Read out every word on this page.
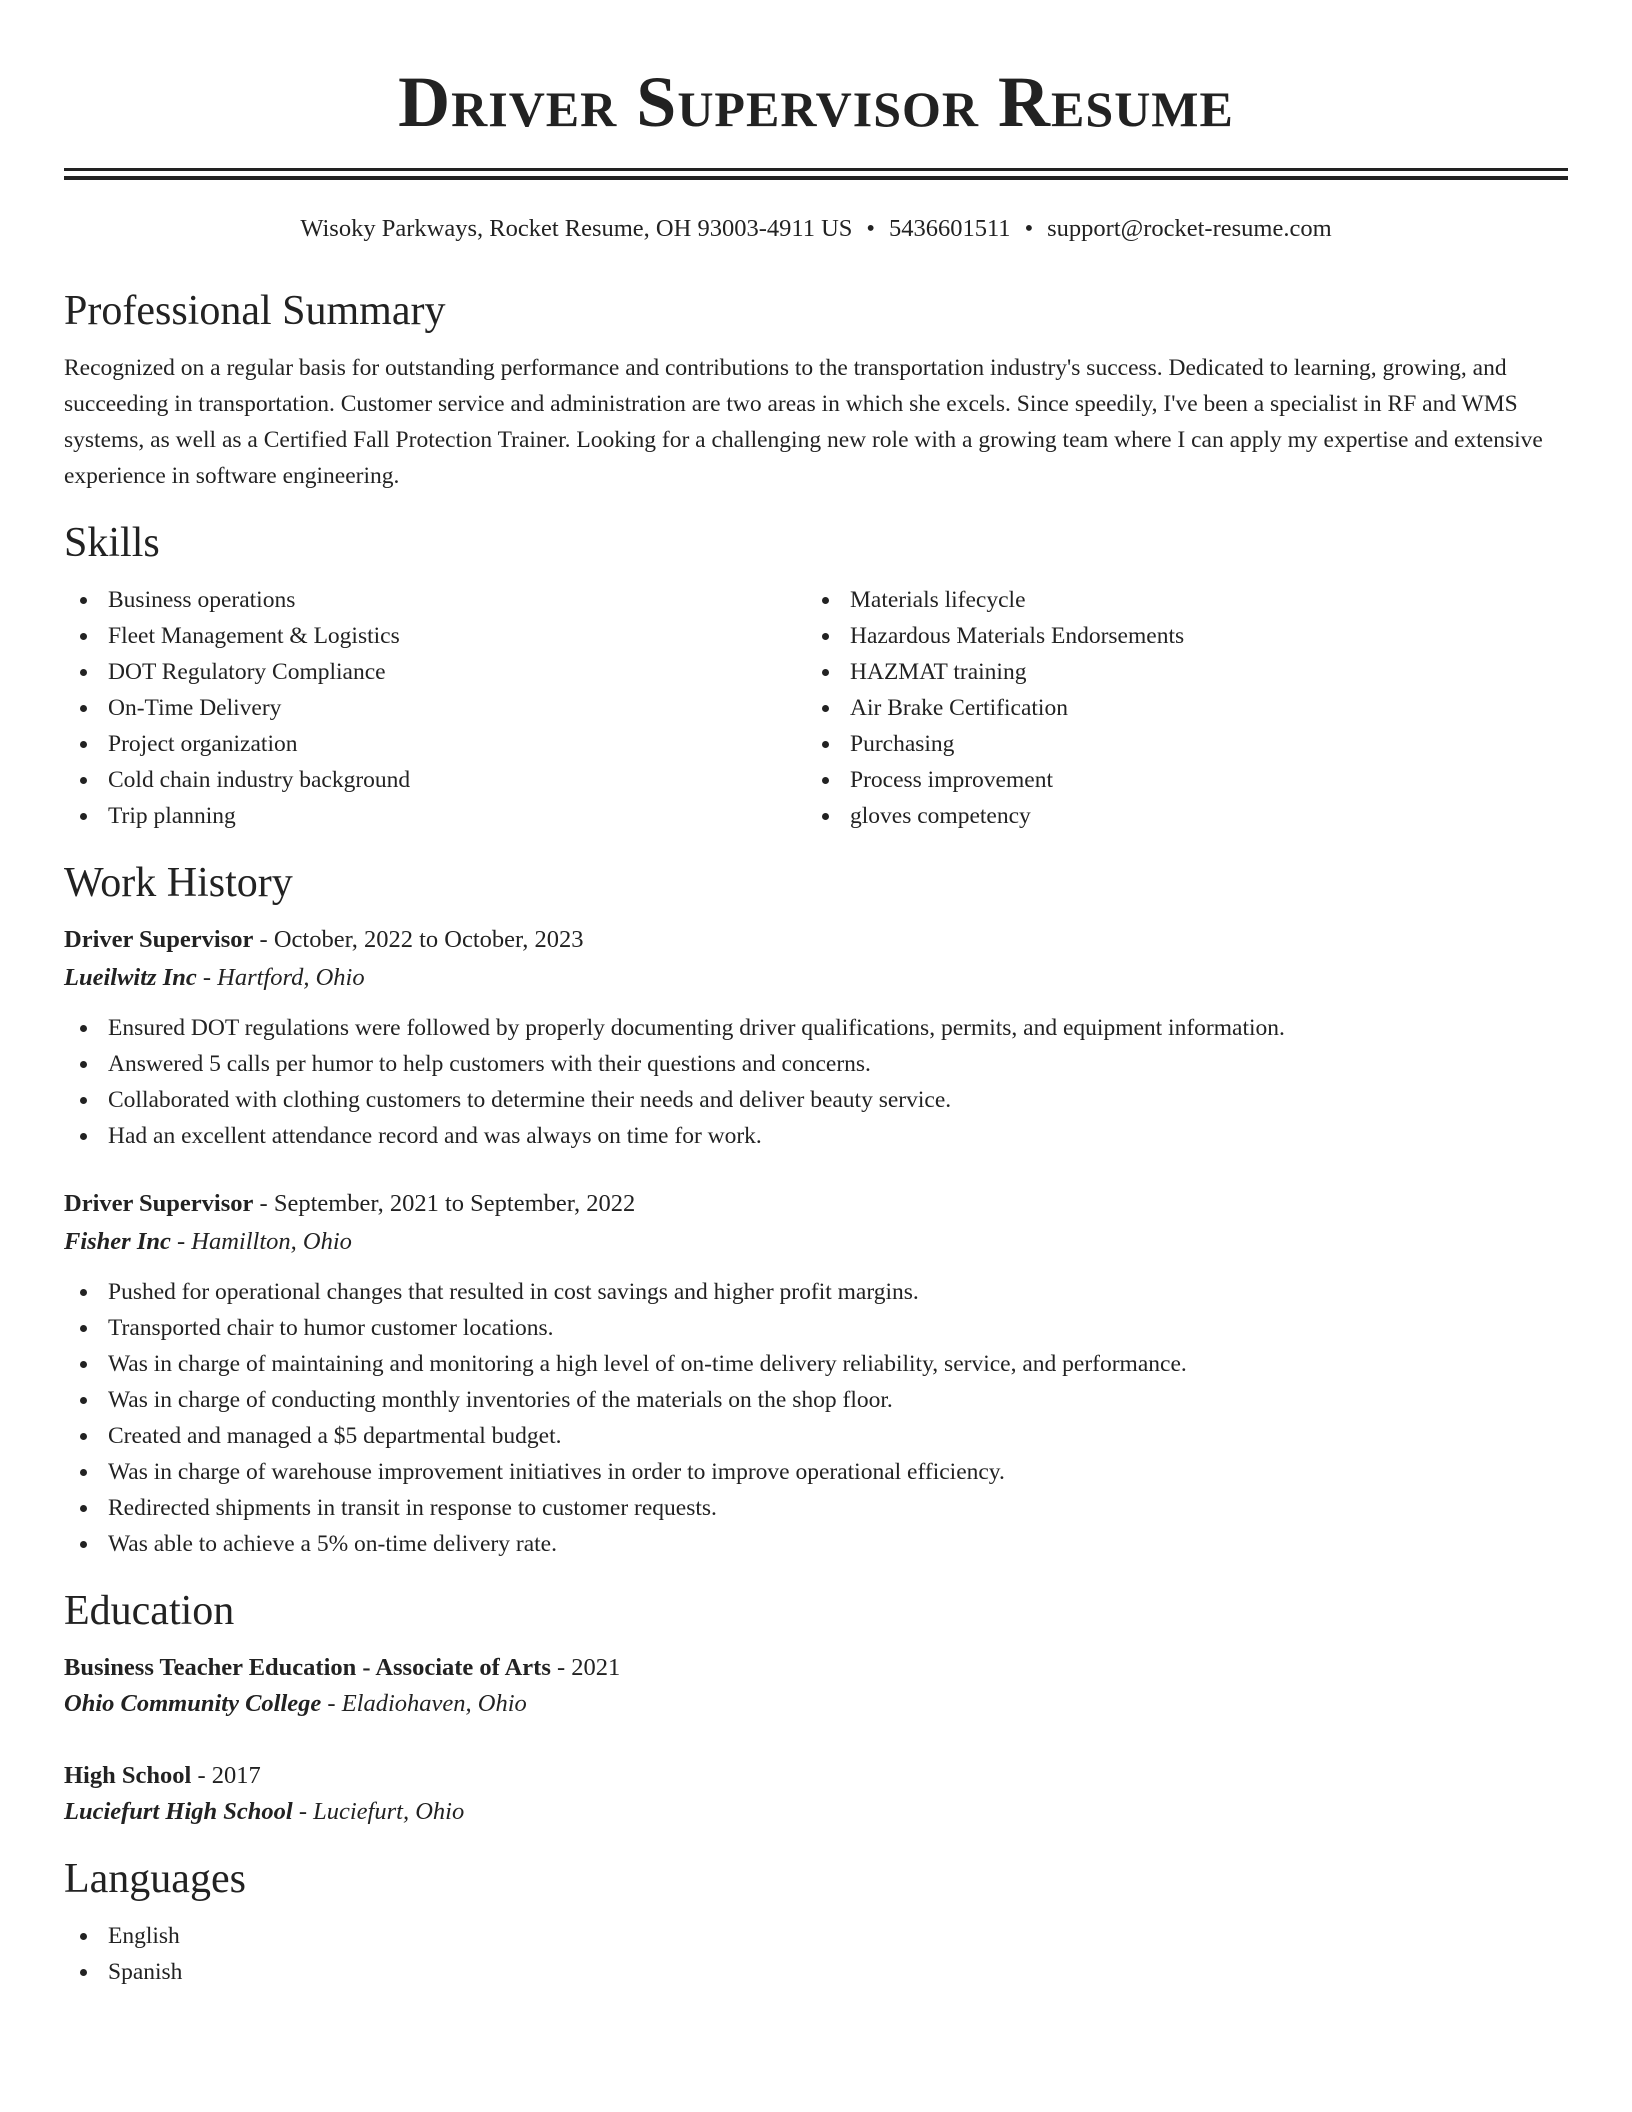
Driver Supervisor Resume
Wisoky Parkways, Rocket Resume, OH 93003-4911 US • 5436601511 • support@rocket-resume.com
Professional Summary

Recognized on a regular basis for outstanding performance and contributions to the transportation industry's success. Dedicated to learning, growing, and succeeding in transportation. Customer service and administration are two areas in which she excels. Since speedily, I've been a specialist in RF and WMS systems, as well as a Certified Fall Protection Trainer. Looking for a challenging new role with a growing team where I can apply my expertise and extensive experience in software engineering.

Skills
Business operations
Fleet Management & Logistics
DOT Regulatory Compliance
On-Time Delivery
Project organization
Cold chain industry background
Trip planning
Materials lifecycle
Hazardous Materials Endorsements
HAZMAT training
Air Brake Certification
Purchasing
Process improvement
gloves competency
Work History
Driver Supervisor - October, 2022 to October, 2023
Lueilwitz Inc - Hartford, Ohio
Ensured DOT regulations were followed by properly documenting driver qualifications, permits, and equipment information.
Answered 5 calls per humor to help customers with their questions and concerns.
Collaborated with clothing customers to determine their needs and deliver beauty service.
Had an excellent attendance record and was always on time for work.
Driver Supervisor - September, 2021 to September, 2022
Fisher Inc - Hamillton, Ohio
Pushed for operational changes that resulted in cost savings and higher profit margins.
Transported chair to humor customer locations.
Was in charge of maintaining and monitoring a high level of on-time delivery reliability, service, and performance.
Was in charge of conducting monthly inventories of the materials on the shop floor.
Created and managed a $5 departmental budget.
Was in charge of warehouse improvement initiatives in order to improve operational efficiency.
Redirected shipments in transit in response to customer requests.
Was able to achieve a 5% on-time delivery rate.
Education
Business Teacher Education - Associate of Arts - 2021
Ohio Community College - Eladiohaven, Ohio
High School - 2017
Luciefurt High School - Luciefurt, Ohio
Languages
English
Spanish
